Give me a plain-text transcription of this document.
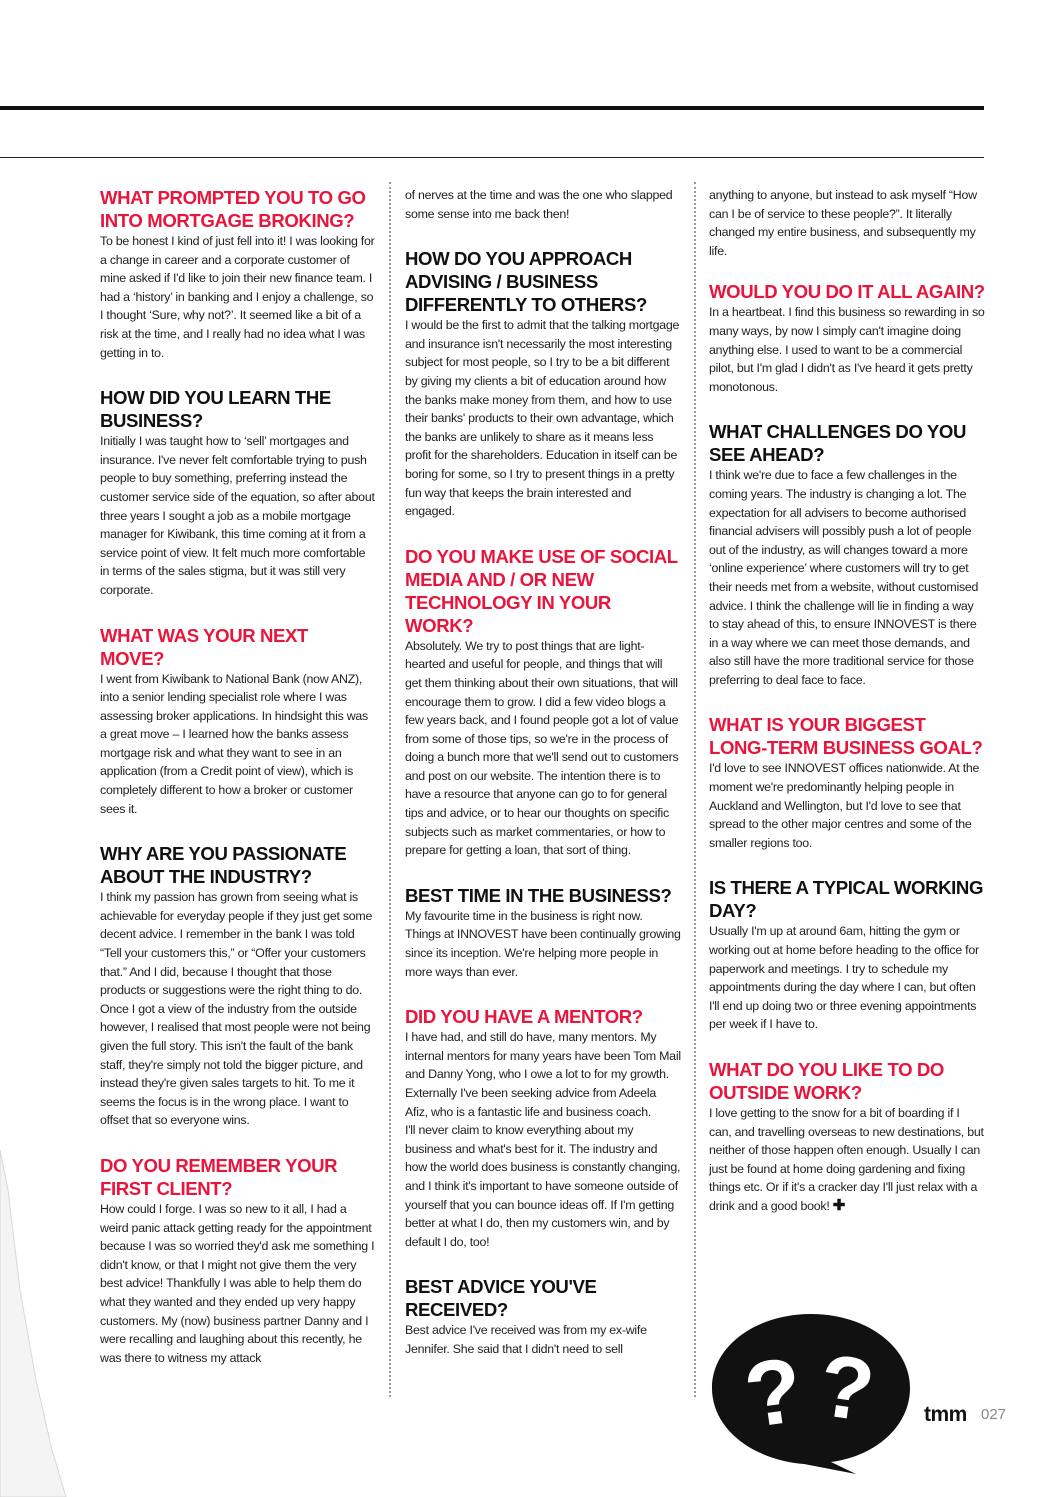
WHAT PROMPTED YOU TO GO INTO MORTGAGE BROKING?

To be honest I kind of just fell into it! I was looking for a change in career and a corporate customer of mine asked if I'd like to join their new finance team. I had a ‘history’ in banking and I enjoy a challenge, so I thought ‘Sure, why not?’. It seemed like a bit of a risk at the time, and I really had no idea what I was getting in to.

HOW DID YOU LEARN THE BUSINESS?

Initially I was taught how to ‘sell’ mortgages and insurance. I've never felt comfortable trying to push people to buy something, preferring instead the customer service side of the equation, so after about three years I sought a job as a mobile mortgage manager for Kiwibank, this time coming at it from a service point of view. It felt much more comfortable in terms of the sales stigma, but it was still very corporate.

WHAT WAS YOUR NEXT MOVE?

I went from Kiwibank to National Bank (now ANZ), into a senior lending specialist role where I was assessing broker applications. In hindsight this was a great move – I learned how the banks assess mortgage risk and what they want to see in an application (from a Credit point of view), which is completely different to how a broker or customer sees it.

WHY ARE YOU PASSIONATE ABOUT THE INDUSTRY?

I think my passion has grown from seeing what is achievable for everyday people if they just get some decent advice. I remember in the bank I was told “Tell your customers this,” or “Offer your customers that.” And I did, because I thought that those products or suggestions were the right thing to do. Once I got a view of the industry from the outside however, I realised that most people were not being given the full story. This isn't the fault of the bank staff, they're simply not told the bigger picture, and instead they're given sales targets to hit. To me it seems the focus is in the wrong place. I want to offset that so everyone wins.

DO YOU REMEMBER YOUR FIRST CLIENT?

How could I forge. I was so new to it all, I had a weird panic attack getting ready for the appointment because I was so worried they'd ask me something I didn't know, or that I might not give them the very best advice! Thankfully I was able to help them do what they wanted and they ended up very happy customers. My (now) business partner Danny and I were recalling and laughing about this recently, he was there to witness my attack

of nerves at the time and was the one who slapped some sense into me back then!

HOW DO YOU APPROACH ADVISING / BUSINESS DIFFERENTLY TO OTHERS?

I would be the first to admit that the talking mortgage and insurance isn't necessarily the most interesting subject for most people, so I try to be a bit different by giving my clients a bit of education around how the banks make money from them, and how to use their banks' products to their own advantage, which the banks are unlikely to share as it means less profit for the shareholders. Education in itself can be boring for some, so I try to present things in a pretty fun way that keeps the brain interested and engaged.

DO YOU MAKE USE OF SOCIAL MEDIA AND / OR NEW TECHNOLOGY IN YOUR WORK?

Absolutely. We try to post things that are light-hearted and useful for people, and things that will get them thinking about their own situations, that will encourage them to grow. I did a few video blogs a few years back, and I found people got a lot of value from some of those tips, so we're in the process of doing a bunch more that we'll send out to customers and post on our website. The intention there is to have a resource that anyone can go to for general tips and advice, or to hear our thoughts on specific subjects such as market commentaries, or how to prepare for getting a loan, that sort of thing.

BEST TIME IN THE BUSINESS?

My favourite time in the business is right now. Things at INNOVEST have been continually growing since its inception. We're helping more people in more ways than ever.

DID YOU HAVE A MENTOR?

I have had, and still do have, many mentors. My internal mentors for many years have been Tom Mail and Danny Yong, who I owe a lot to for my growth. Externally I've been seeking advice from Adeela Afiz, who is a fantastic life and business coach.

I'll never claim to know everything about my business and what's best for it. The industry and how the world does business is constantly changing, and I think it's important to have someone outside of yourself that you can bounce ideas off. If I'm getting better at what I do, then my customers win, and by default I do, too!

BEST ADVICE YOU'VE RECEIVED?

Best advice I've received was from my ex-wife Jennifer. She said that I didn't need to sell

anything to anyone, but instead to ask myself “How can I be of service to these people?”. It literally changed my entire business, and subsequently my life.

WOULD YOU DO IT ALL AGAIN?

In a heartbeat. I find this business so rewarding in so many ways, by now I simply can't imagine doing anything else. I used to want to be a commercial pilot, but I'm glad I didn't as I've heard it gets pretty monotonous.

WHAT CHALLENGES DO YOU SEE AHEAD?

I think we're due to face a few challenges in the coming years. The industry is changing a lot. The expectation for all advisers to become authorised financial advisers will possibly push a lot of people out of the industry, as will changes toward a more ‘online experience’ where customers will try to get their needs met from a website, without customised advice. I think the challenge will lie in finding a way to stay ahead of this, to ensure INNOVEST is there in a way where we can meet those demands, and also still have the more traditional service for those preferring to deal face to face.

WHAT IS YOUR BIGGEST LONG-TERM BUSINESS GOAL?

I'd love to see INNOVEST offices nationwide. At the moment we're predominantly helping people in Auckland and Wellington, but I'd love to see that spread to the other major centres and some of the smaller regions too.

IS THERE A TYPICAL WORKING DAY?

Usually I'm up at around 6am, hitting the gym or working out at home before heading to the office for paperwork and meetings. I try to schedule my appointments during the day where I can, but often I'll end up doing two or three evening appointments per week if I have to.

WHAT DO YOU LIKE TO DO OUTSIDE WORK?

I love getting to the snow for a bit of boarding if I can, and travelling overseas to new destinations, but neither of those happen often enough. Usually I can just be found at home doing gardening and fixing things etc. Or if it's a cracker day I'll just relax with a drink and a good book! ✚

? ? tmm 027
